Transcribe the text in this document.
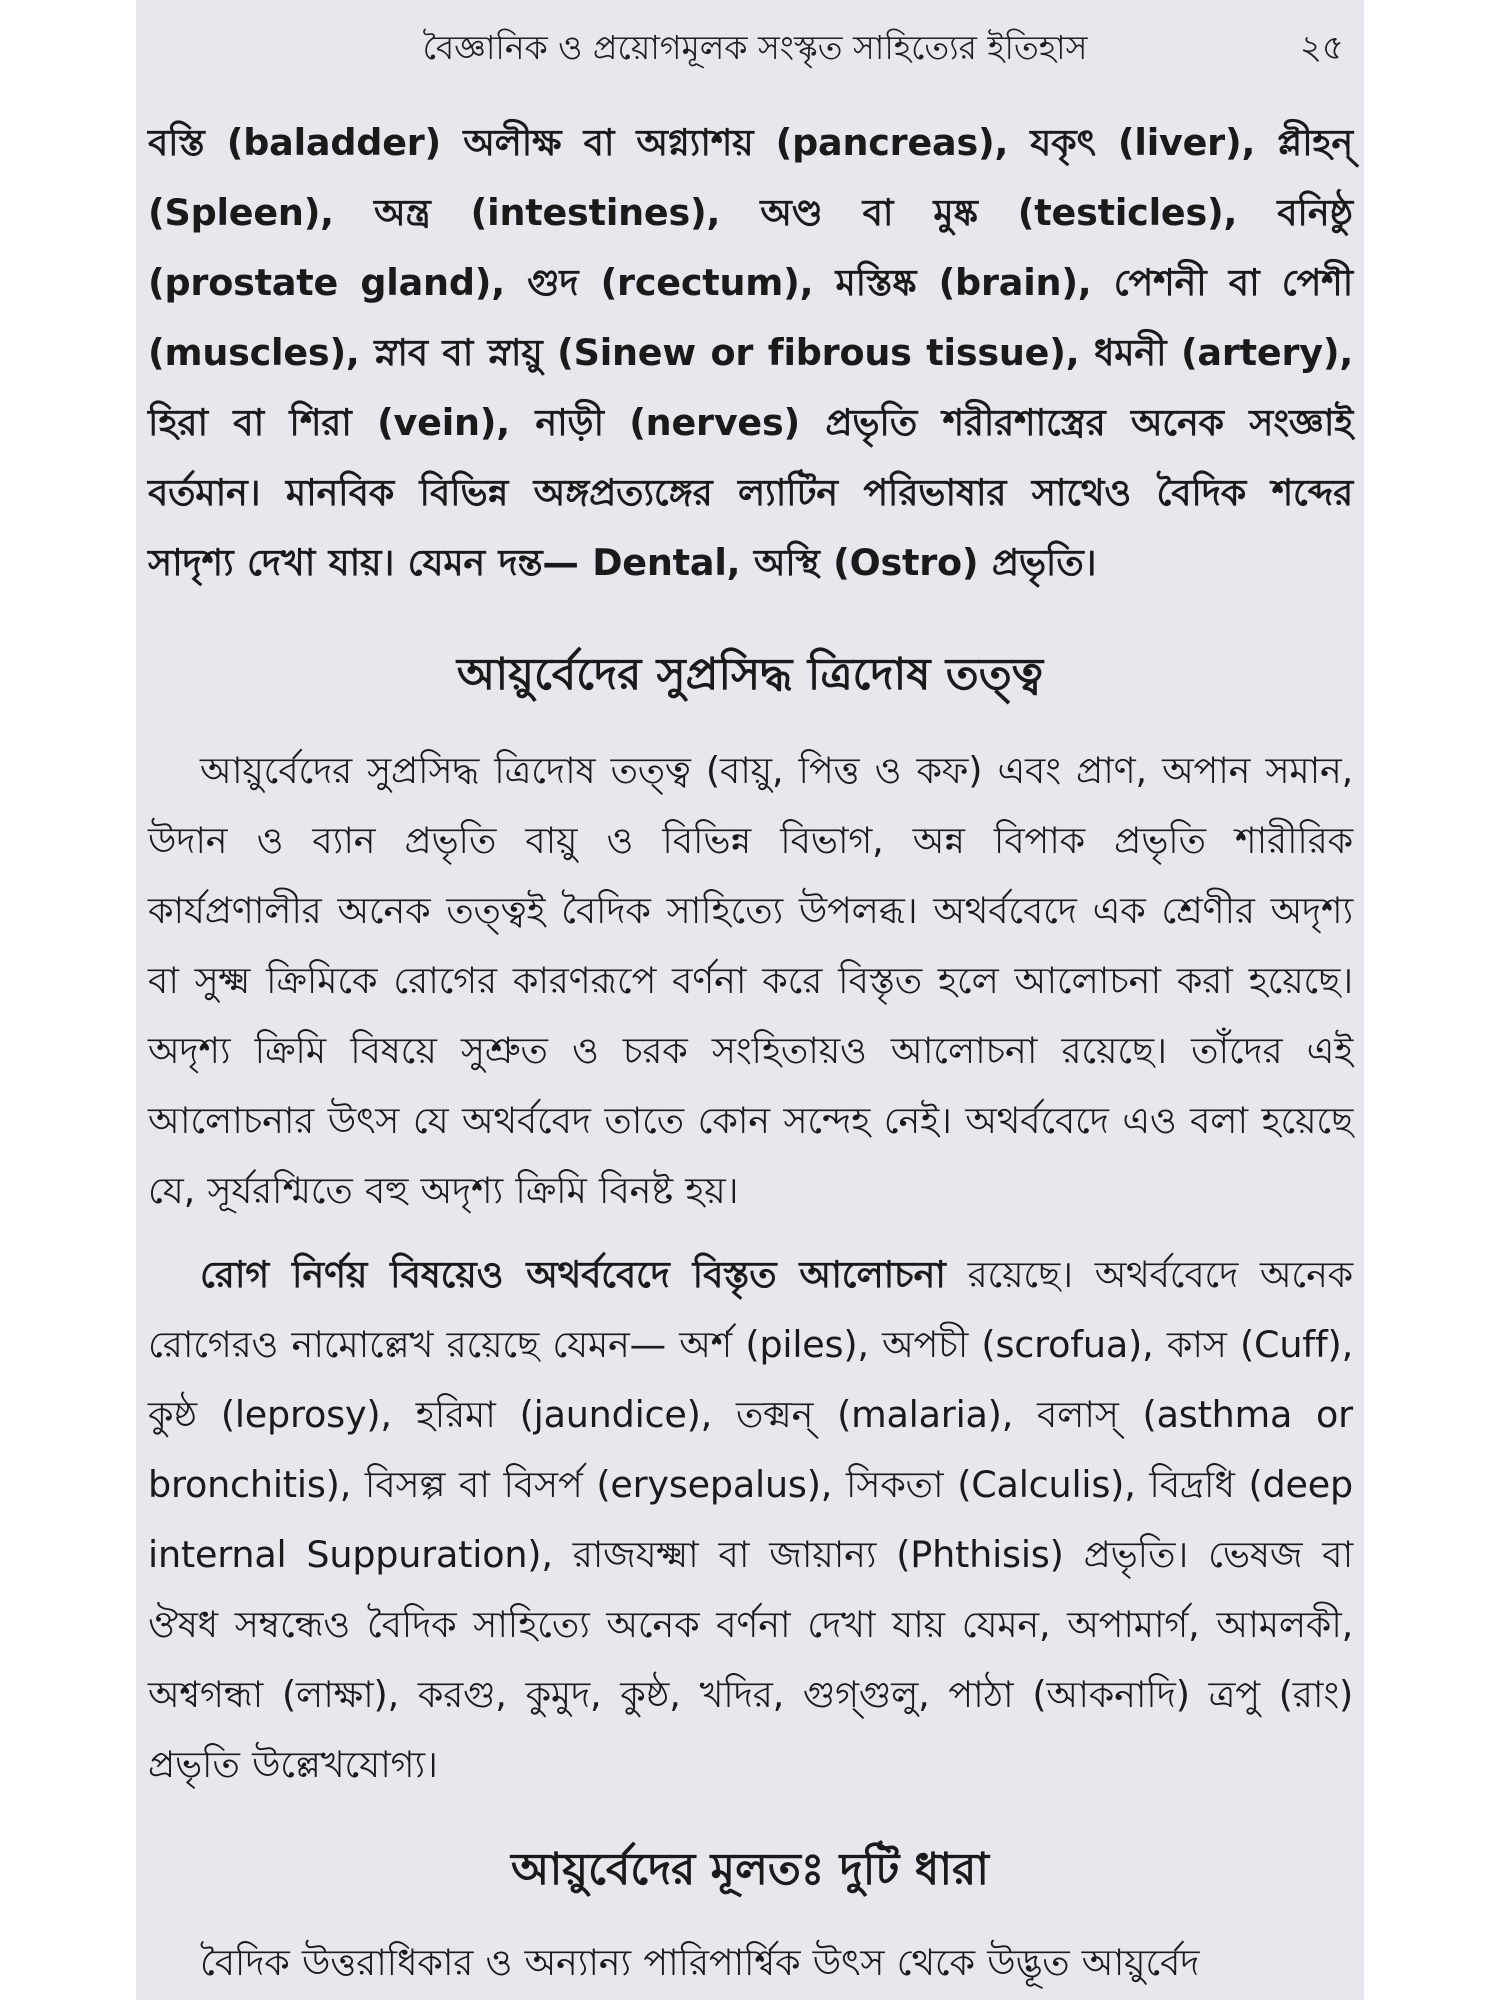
বৈজ্ঞানিক ও প্রয়োগমূলক সংস্কৃত সাহিত্যের ইতিহাস	২৫

বস্তি (baladder) অলীক্ষ বা অগ্ন্যাশয় (pancreas), যকৃৎ (liver), প্লীহন্ (Spleen), অন্ত্র (intestines), অণ্ড বা মুষ্ক (testicles), বনিষ্ঠু (prostate gland), গুদ (rcectum), মস্তিষ্ক (brain), পেশনী বা পেশী (muscles), স্নাব বা স্নায়ু (Sinew or fibrous tissue), ধমনী (artery), হিরা বা শিরা (vein), নাড়ী (nerves) প্রভৃতি শরীরশাস্ত্রের অনেক সংজ্ঞাই বর্তমান। মানবিক বিভিন্ন অঙ্গপ্রত্যঙ্গের ল্যাটিন পরিভাষার সাথেও বৈদিক শব্দের সাদৃশ্য দেখা যায়। যেমন দন্ত— Dental, অস্থি (Ostro) প্রভৃতি।

আয়ুর্বেদের সুপ্রসিদ্ধ ত্রিদোষ তত্ত্ব

আয়ুর্বেদের সুপ্রসিদ্ধ ত্রিদোষ তত্ত্ব (বায়ু, পিত্ত ও কফ) এবং প্রাণ, অপান সমান, উদান ও ব্যান প্রভৃতি বায়ু ও বিভিন্ন বিভাগ, অন্ন বিপাক প্রভৃতি শারীরিক কার্যপ্রণালীর অনেক তত্ত্বই বৈদিক সাহিত্যে উপলব্ধ। অথর্ববেদে এক শ্রেণীর অদৃশ্য বা সুক্ষ্ম ক্রিমিকে রোগের কারণরূপে বর্ণনা করে বিস্তৃত হলে আলোচনা করা হয়েছে। অদৃশ্য ক্রিমি বিষয়ে সুশ্রুত ও চরক সংহিতায়ও আলোচনা রয়েছে। তাঁদের এই আলোচনার উৎস যে অথর্ববেদ তাতে কোন সন্দেহ নেই। অথর্ববেদে এও বলা হয়েছে যে, সূর্যরশ্মিতে বহু অদৃশ্য ক্রিমি বিনষ্ট হয়।

রোগ নির্ণয় বিষয়েও অথর্ববেদে বিস্তৃত আলোচনা রয়েছে। অথর্ববেদে অনেক রোগেরও নামোল্লেখ রয়েছে যেমন— অর্শ (piles), অপচী (scrofua), কাস (Cuff), কুষ্ঠ (leprosy), হরিমা (jaundice), তক্মন্ (malaria), বলাস্ (asthma or bronchitis), বিসল্প বা বিসর্প (erysepalus), সিকতা (Calculis), বিদ্রধি (deep internal Suppuration), রাজযক্ষ্মা বা জায়ান্য (Phthisis) প্রভৃতি। ভেষজ বা ঔষধ সম্বন্ধেও বৈদিক সাহিত্যে অনেক বর্ণনা দেখা যায় যেমন, অপামার্গ, আমলকী, অশ্বগন্ধা (লাক্ষা), করগু, কুমুদ, কুষ্ঠ, খদির, গুগ্গুলু, পাঠা (আকনাদি) ত্রপু (রাং) প্রভৃতি উল্লেখযোগ্য।

আয়ুর্বেদের মূলতঃ দুটি ধারা

বৈদিক উত্তরাধিকার ও অন্যান্য পারিপার্শ্বিক উৎস থেকে উদ্ভূত আয়ুর্বেদ
